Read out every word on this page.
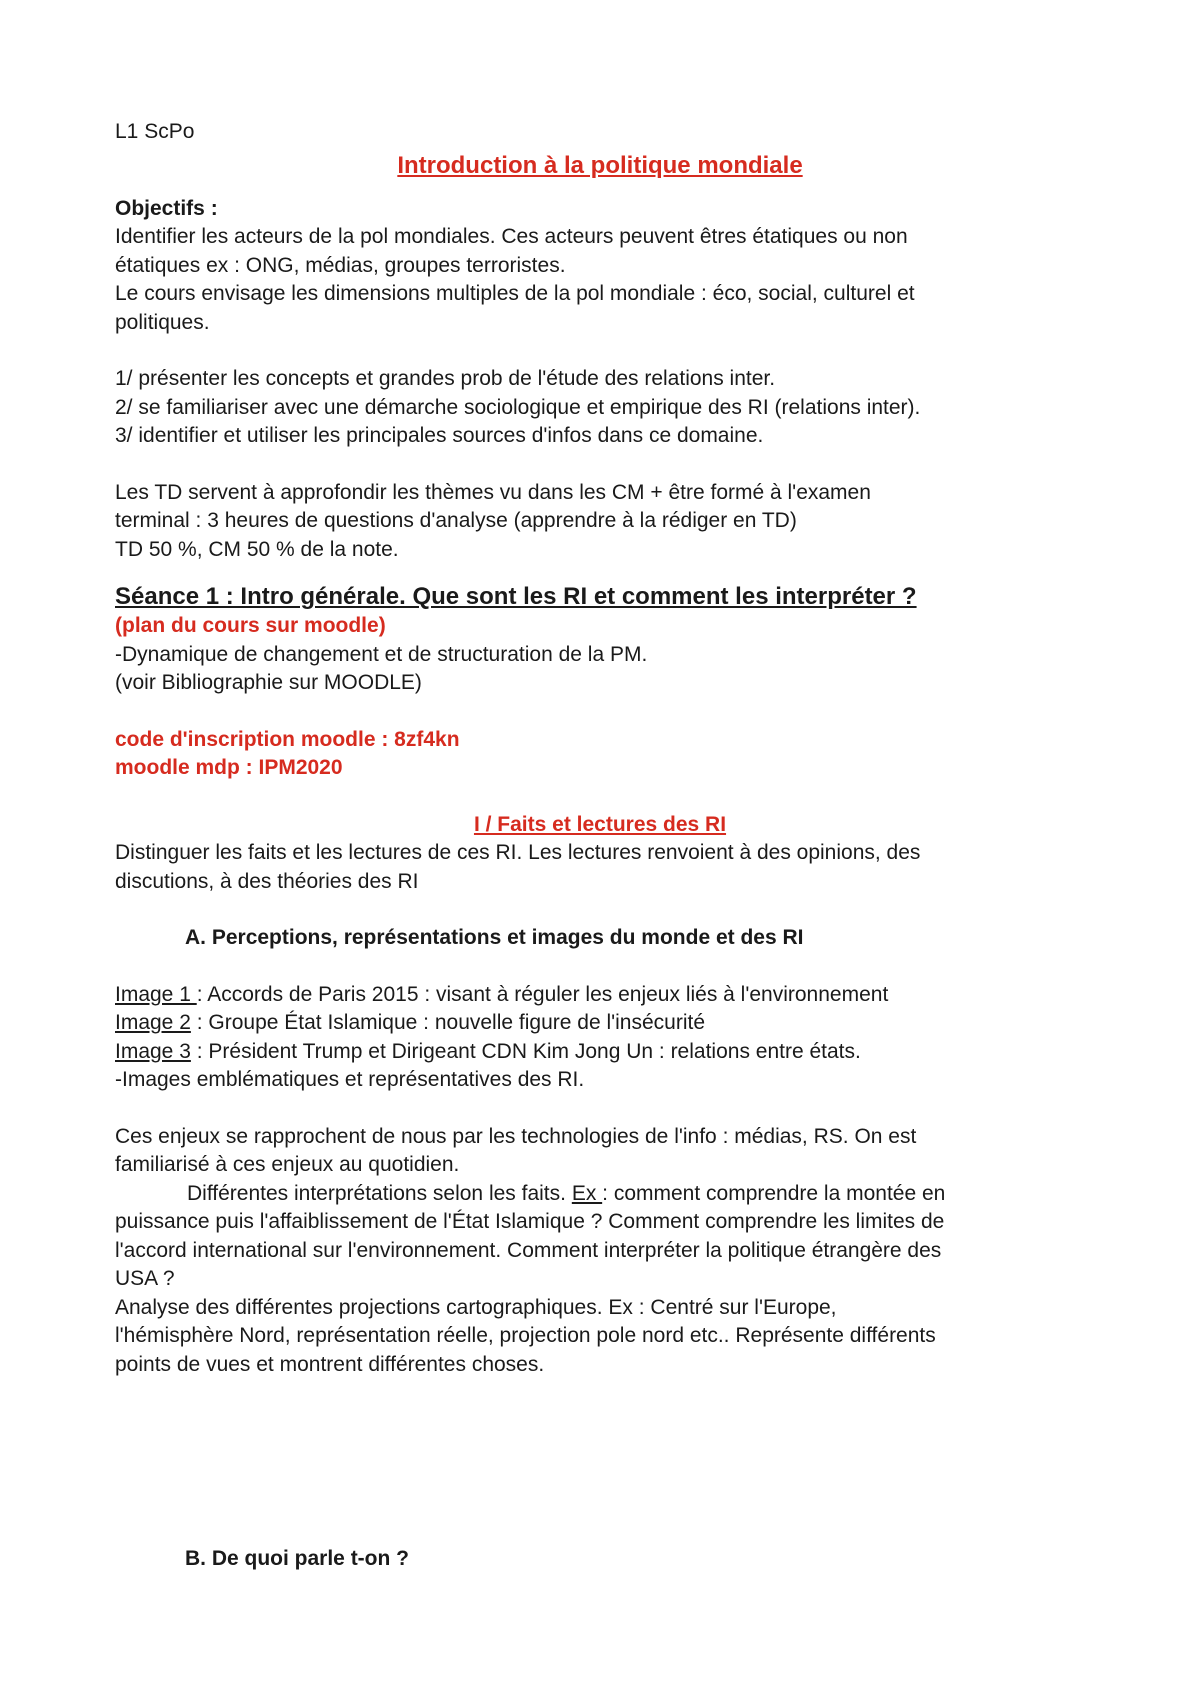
L1 ScPo
Introduction à la politique mondiale
Objectifs :
Identifier les acteurs de la pol mondiales. Ces acteurs peuvent êtres étatiques ou non
étatiques ex : ONG, médias, groupes terroristes.
Le cours envisage les dimensions multiples de la pol mondiale : éco, social, culturel et
politiques.
1/ présenter les concepts et grandes prob de l'étude des relations inter.
2/ se familiariser avec une démarche sociologique et empirique des RI (relations inter).
3/ identifier et utiliser les principales sources d'infos dans ce domaine.
Les TD servent à approfondir les thèmes vu dans les CM + être formé à l'examen
terminal : 3 heures de questions d'analyse (apprendre à la rédiger en TD)
TD 50 %, CM 50 % de la note.
Séance 1 : Intro générale. Que sont les RI et comment les interpréter ?
(plan du cours sur moodle)
-Dynamique de changement et de structuration de la PM.
(voir Bibliographie sur MOODLE)
code d'inscription moodle : 8zf4kn
moodle mdp : IPM2020
I / Faits et lectures des RI
Distinguer les faits et les lectures de ces RI. Les lectures renvoient à des opinions, des
discutions, à des théories des RI
A. Perceptions, représentations et images du monde et des RI
Image 1 : Accords de Paris 2015 : visant à réguler les enjeux liés à l'environnement
Image 2 : Groupe État Islamique : nouvelle figure de l'insécurité
Image 3 : Président Trump et Dirigeant CDN Kim Jong Un : relations entre états.
-Images emblématiques et représentatives des RI.
Ces enjeux se rapprochent de nous par les technologies de l'info : médias, RS. On est
familiarisé à ces enjeux au quotidien.
Différentes interprétations selon les faits. Ex : comment comprendre la montée en
puissance puis l'affaiblissement de l'État Islamique ? Comment comprendre les limites de
l'accord international sur l'environnement. Comment interpréter la politique étrangère des
USA ?
Analyse des différentes projections cartographiques. Ex : Centré sur l'Europe,
l'hémisphère Nord, représentation réelle, projection pole nord etc.. Représente différents
points de vues et montrent différentes choses.
B. De quoi parle t-on ?
